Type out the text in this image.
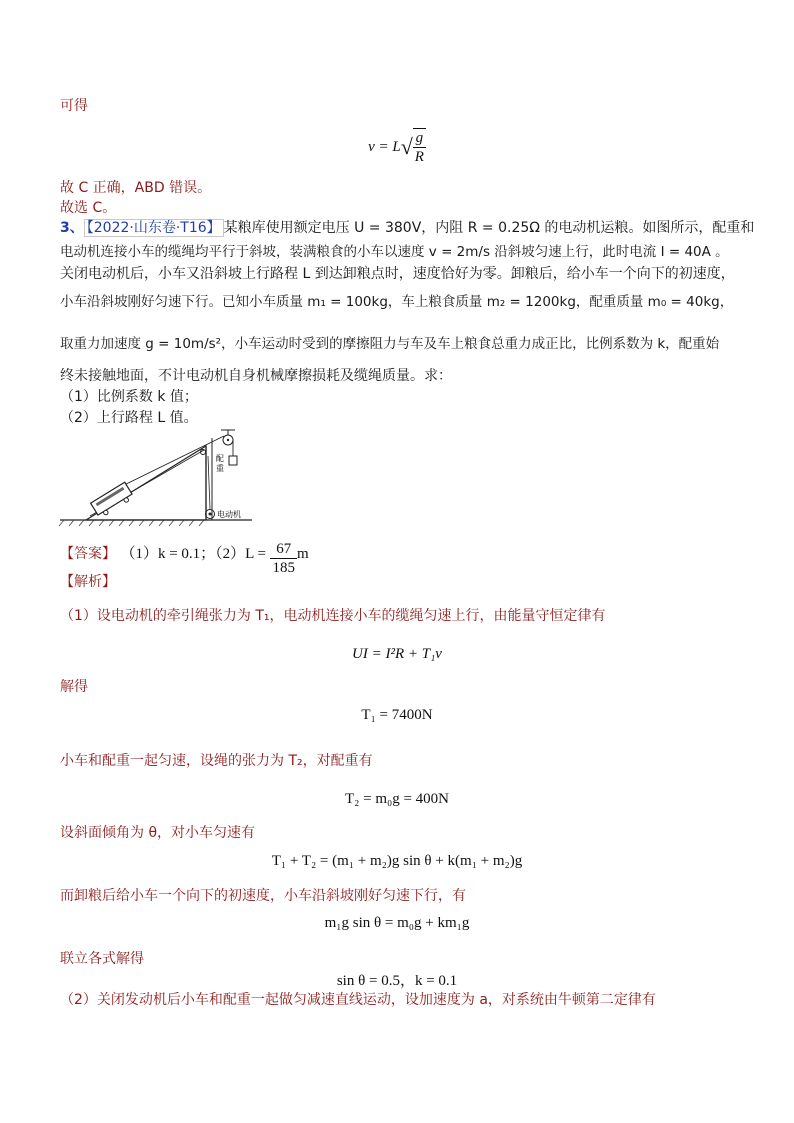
可得
$v = L√ \frac{g}{R}$
故 C 正确，ABD 错误。
故选 C。
3、 【2022·山东卷·T16】 某粮库使用额定电压 U = 380V，内阻 R = 0.25Ω 的电动机运粮。如图所示，配重和
电动机连接小车的缆绳均平行于斜坡，装满粮食的小车以速度 v = 2m/s 沿斜坡匀速上行，此时电流 I = 40A 。
关闭电动机后，小车又沿斜坡上行路程 L 到达卸粮点时，速度恰好为零。卸粮后，给小车一个向下的初速度，
小车沿斜坡刚好匀速下行。已知小车质量 m₁ = 100kg，车上粮食质量 m₂ = 1200kg，配重质量 m₀ = 40kg，
取重力加速度 g = 10m/s²，小车运动时受到的摩擦阻力与车及车上粮食总重力成正比，比例系数为 k，配重始
终未接触地面，不计电动机自身机械摩擦损耗及缆绳质量。求：
（1）比例系数 k 值；
（2）上行路程 L 值。
配
重
电动机
【答案】 （1）k = 0.1；$(2)L = \frac{67}{185}$ m
【解析】
（1）设电动机的牵引绳张力为 T₁，电动机连接小车的缆绳匀速上行，由能量守恒定律有
UI = I²R + T₁v
解得
T₁ = 7400N
小车和配重一起匀速，设绳的张力为 T₂，对配重有
T₂ = m₀g = 400N
设斜面倾角为 θ，对小车匀速有
T₁ + T₂ = (m₁ + m₂)g sin θ + k(m₁ + m₂)g
而卸粮后给小车一个向下的初速度，小车沿斜坡刚好匀速下行，有
m₁g sin θ = m₀g + km₁g
联立各式解得
sin θ = 0.5，k = 0.1
（2）关闭发动机后小车和配重一起做匀减速直线运动，设加速度为 a，对系统由牛顿第二定律有
